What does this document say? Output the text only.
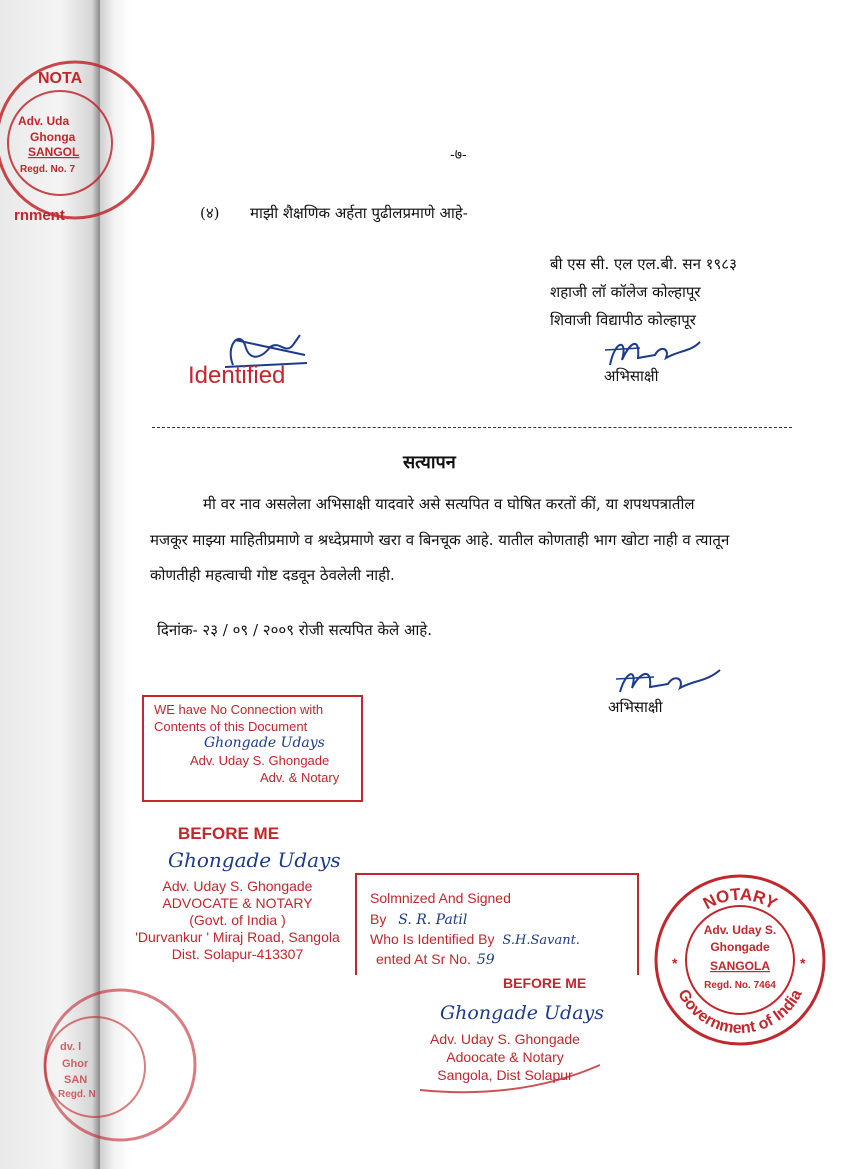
NOTA
Adv. Uda
Ghonga
SANGOL
Regd. No. 7
rnment
dv. l
Ghor
SAN
Regd. N
-७-
(४) माझी शैक्षणिक अर्हता पुढीलप्रमाणे आहे-
बी एस सी. एल एल.बी. सन १९८३
शहाजी लॉ कॉलेज कोल्हापूर
शिवाजी विद्यापीठ कोल्हापूर
अभिसाक्षी
Identified
सत्यापन
मी वर नाव असलेला अभिसाक्षी यादवारे असे सत्यपित व घोषित करतों कीं, या शपथपत्रातील
मजकूर माझ्या माहितीप्रमाणे व श्रध्देप्रमाणे खरा व बिनचूक आहे. यातील कोणताही भाग खोटा नाही व त्यातून
कोणतीही महत्वाची गोष्ट दडवून ठेवलेली नाही.
दिनांक- २३ / ०९ / २००९ रोजी सत्यपित केले आहे.
अभिसाक्षी
WE have No Connection with
Contents of this Document
Ghongade Udays
Adv. Uday S. Ghongade
Adv. & Notary
BEFORE ME
Ghongade Udays
Adv. Uday S. Ghongade
ADVOCATE & NOTARY
(Govt. of India )
'Durvankur ' Miraj Road, Sangola
Dist. Solapur-413307
Solmnized And Signed
By S. R. Patil
Who Is Identified By S.H.Savant.
ented At Sr No. 59
BEFORE ME
Ghongade Udays
Adv. Uday S. Ghongade
Adoocate & Notary
Sangola, Dist Solapur
NOTARY
Government of India
Adv. Uday S.
Ghongade
SANGOLA
Regd. No. 7464
*	*
